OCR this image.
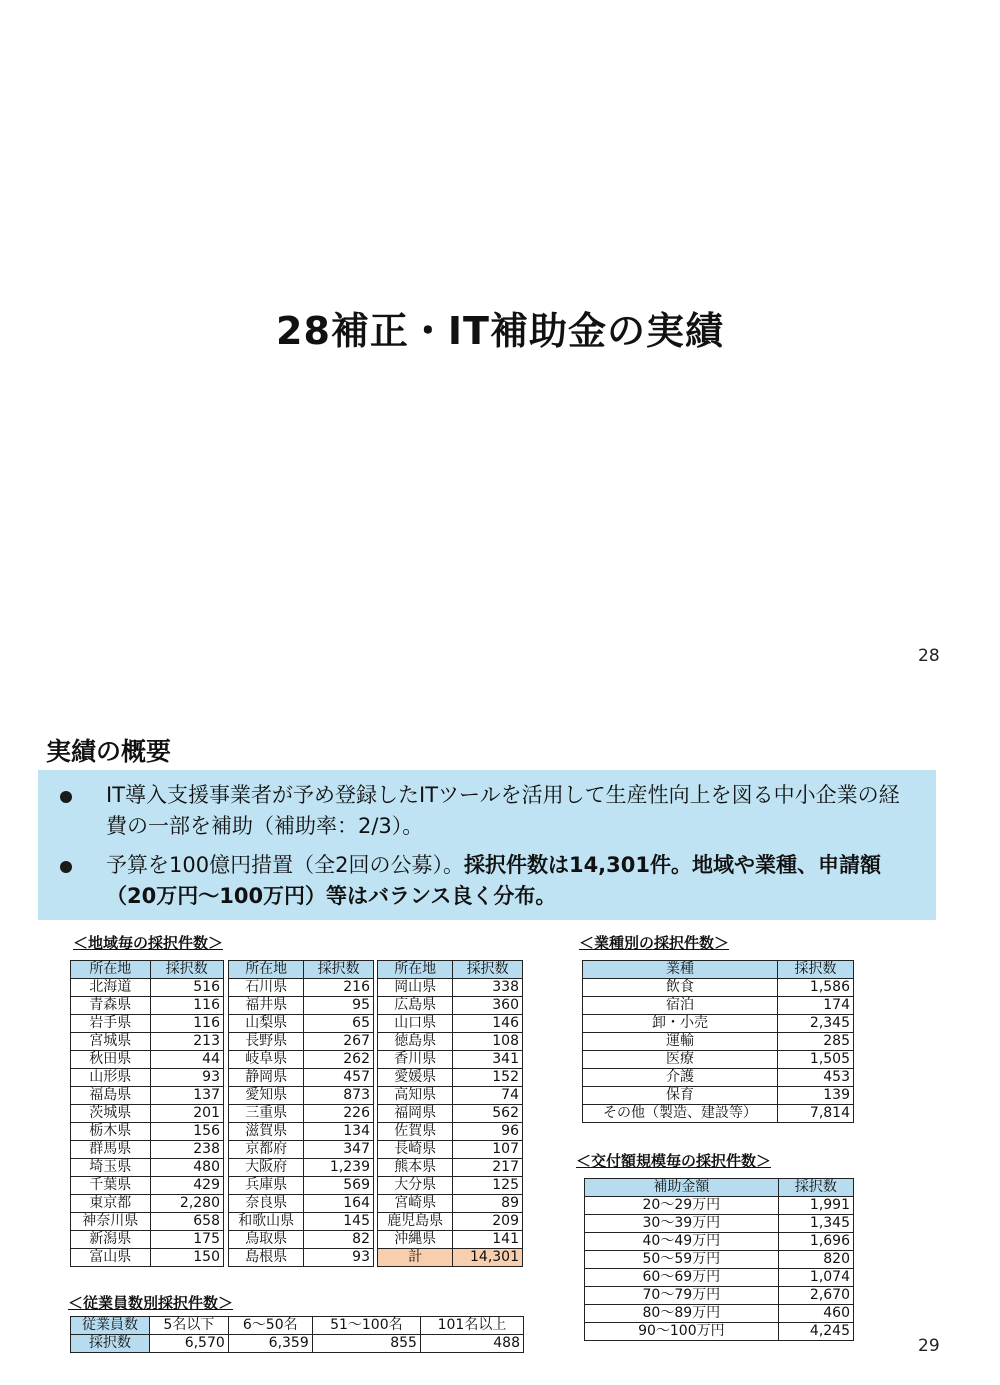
28補正・IT補助金の実績
28
実績の概要
IT導入支援事業者が予め登録したITツールを活用して生産性向上を図る中小企業の経費の一部を補助（補助率：2/3）。
予算を100億円措置（全2回の公募）。採択件数は14,301件。地域や業種、申請額（20万円～100万円）等はバランス良く分布。
＜地域毎の採択件数＞	＜業種別の採択件数＞
所在地	採択数
北海道	516
青森県	116
岩手県	116
宮城県	213
秋田県	44
山形県	93
福島県	137
茨城県	201
栃木県	156
群馬県	238
埼玉県	480
千葉県	429
東京都	2,280
神奈川県	658
新潟県	175
富山県	150
所在地	採択数
石川県	216
福井県	95
山梨県	65
長野県	267
岐阜県	262
静岡県	457
愛知県	873
三重県	226
滋賀県	134
京都府	347
大阪府	1,239
兵庫県	569
奈良県	164
和歌山県	145
鳥取県	82
島根県	93
所在地	採択数
岡山県	338
広島県	360
山口県	146
徳島県	108
香川県	341
愛媛県	152
高知県	74
福岡県	562
佐賀県	96
長崎県	107
熊本県	217
大分県	125
宮崎県	89
鹿児島県	209
沖縄県	141
計	14,301
業種	採択数
飲食	1,586
宿泊	174
卸・小売	2,345
運輸	285
医療	1,505
介護	453
保育	139
その他（製造、建設等）	7,814
＜交付額規模毎の採択件数＞
補助金額	採択数
20～29万円	1,991
30～39万円	1,345
40～49万円	1,696
50～59万円	820
60～69万円	1,074
70～79万円	2,670
80～89万円	460
90～100万円	4,245
＜従業員数別採択件数＞
従業員数	5名以下	6～50名	51～100名	101名以上
採択数	6,570	6,359	855	488	29
